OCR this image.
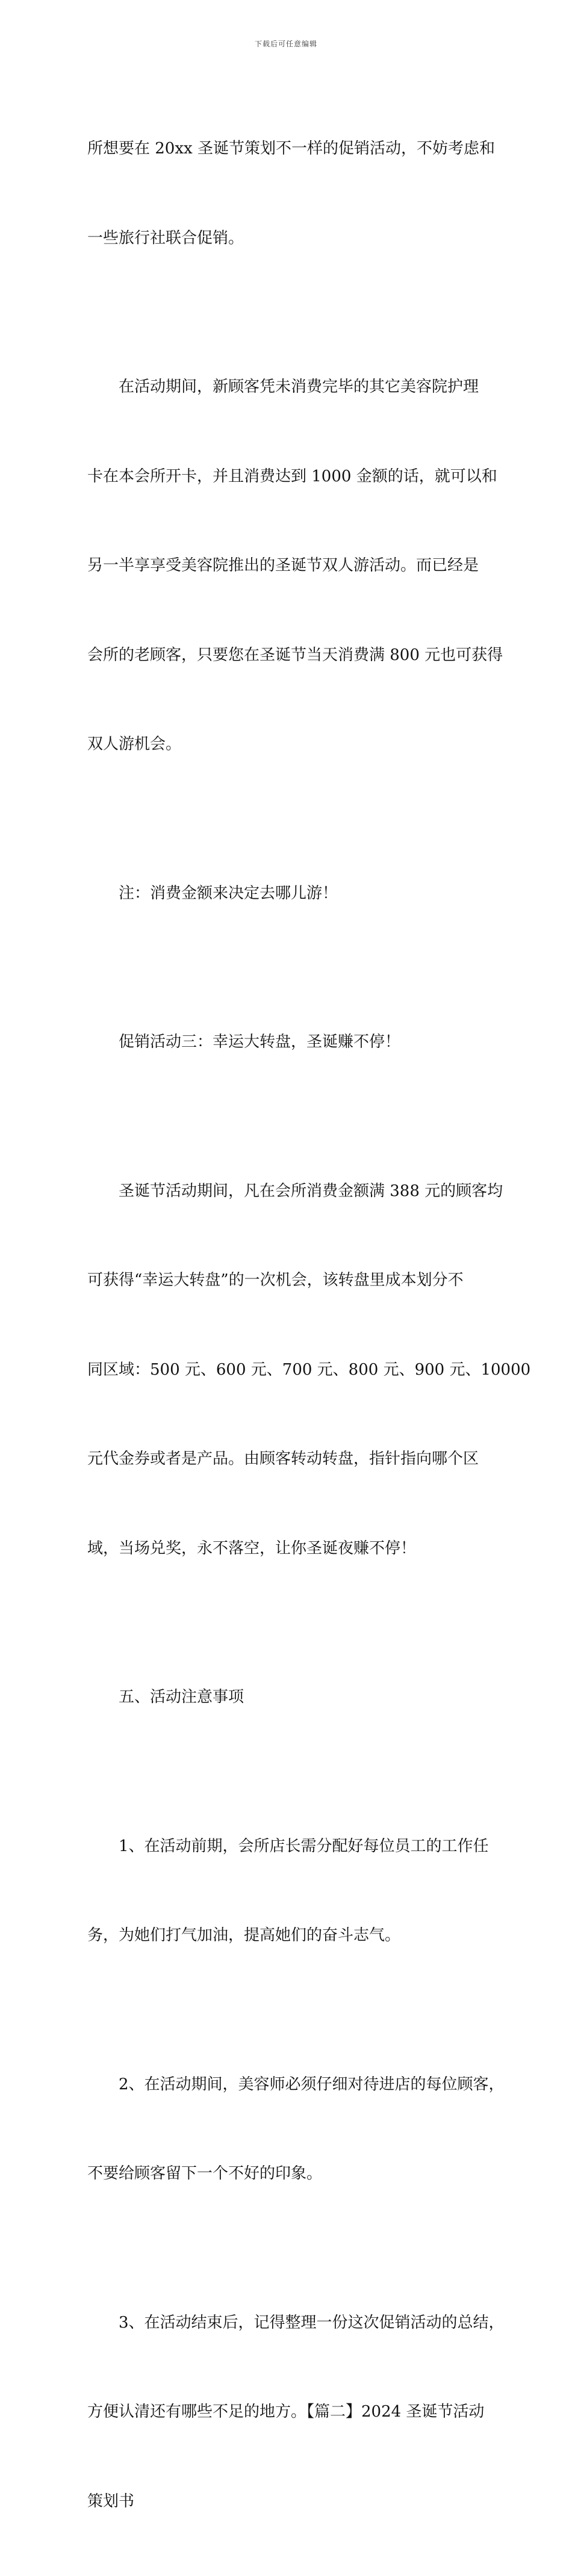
下载后可任意编辑

所想要在 20xx 圣诞节策划不一样的促销活动，不妨考虑和

一些旅行社联合促销。

　　在活动期间，新顾客凭未消费完毕的其它美容院护理

卡在本会所开卡，并且消费达到 1000 金额的话，就可以和

另一半享享受美容院推出的圣诞节双人游活动。而已经是

会所的老顾客，只要您在圣诞节当天消费满 800 元也可获得

双人游机会。

　　注：消费金额来决定去哪儿游！

　　促销活动三：幸运大转盘，圣诞赚不停！

　　圣诞节活动期间，凡在会所消费金额满 388 元的顾客均

可获得“幸运大转盘”的一次机会，该转盘里成本划分不

同区域：500 元、600 元、700 元、800 元、900 元、10000

元代金券或者是产品。由顾客转动转盘，指针指向哪个区

域，当场兑奖，永不落空，让你圣诞夜赚不停！

　　五、活动注意事项

　　1、在活动前期，会所店长需分配好每位员工的工作任

务，为她们打气加油，提高她们的奋斗志气。

　　2、在活动期间，美容师必须仔细对待进店的每位顾客，

不要给顾客留下一个不好的印象。

　　3、在活动结束后，记得整理一份这次促销活动的总结，

方便认清还有哪些不足的地方。【篇二】2024 圣诞节活动

策划书
